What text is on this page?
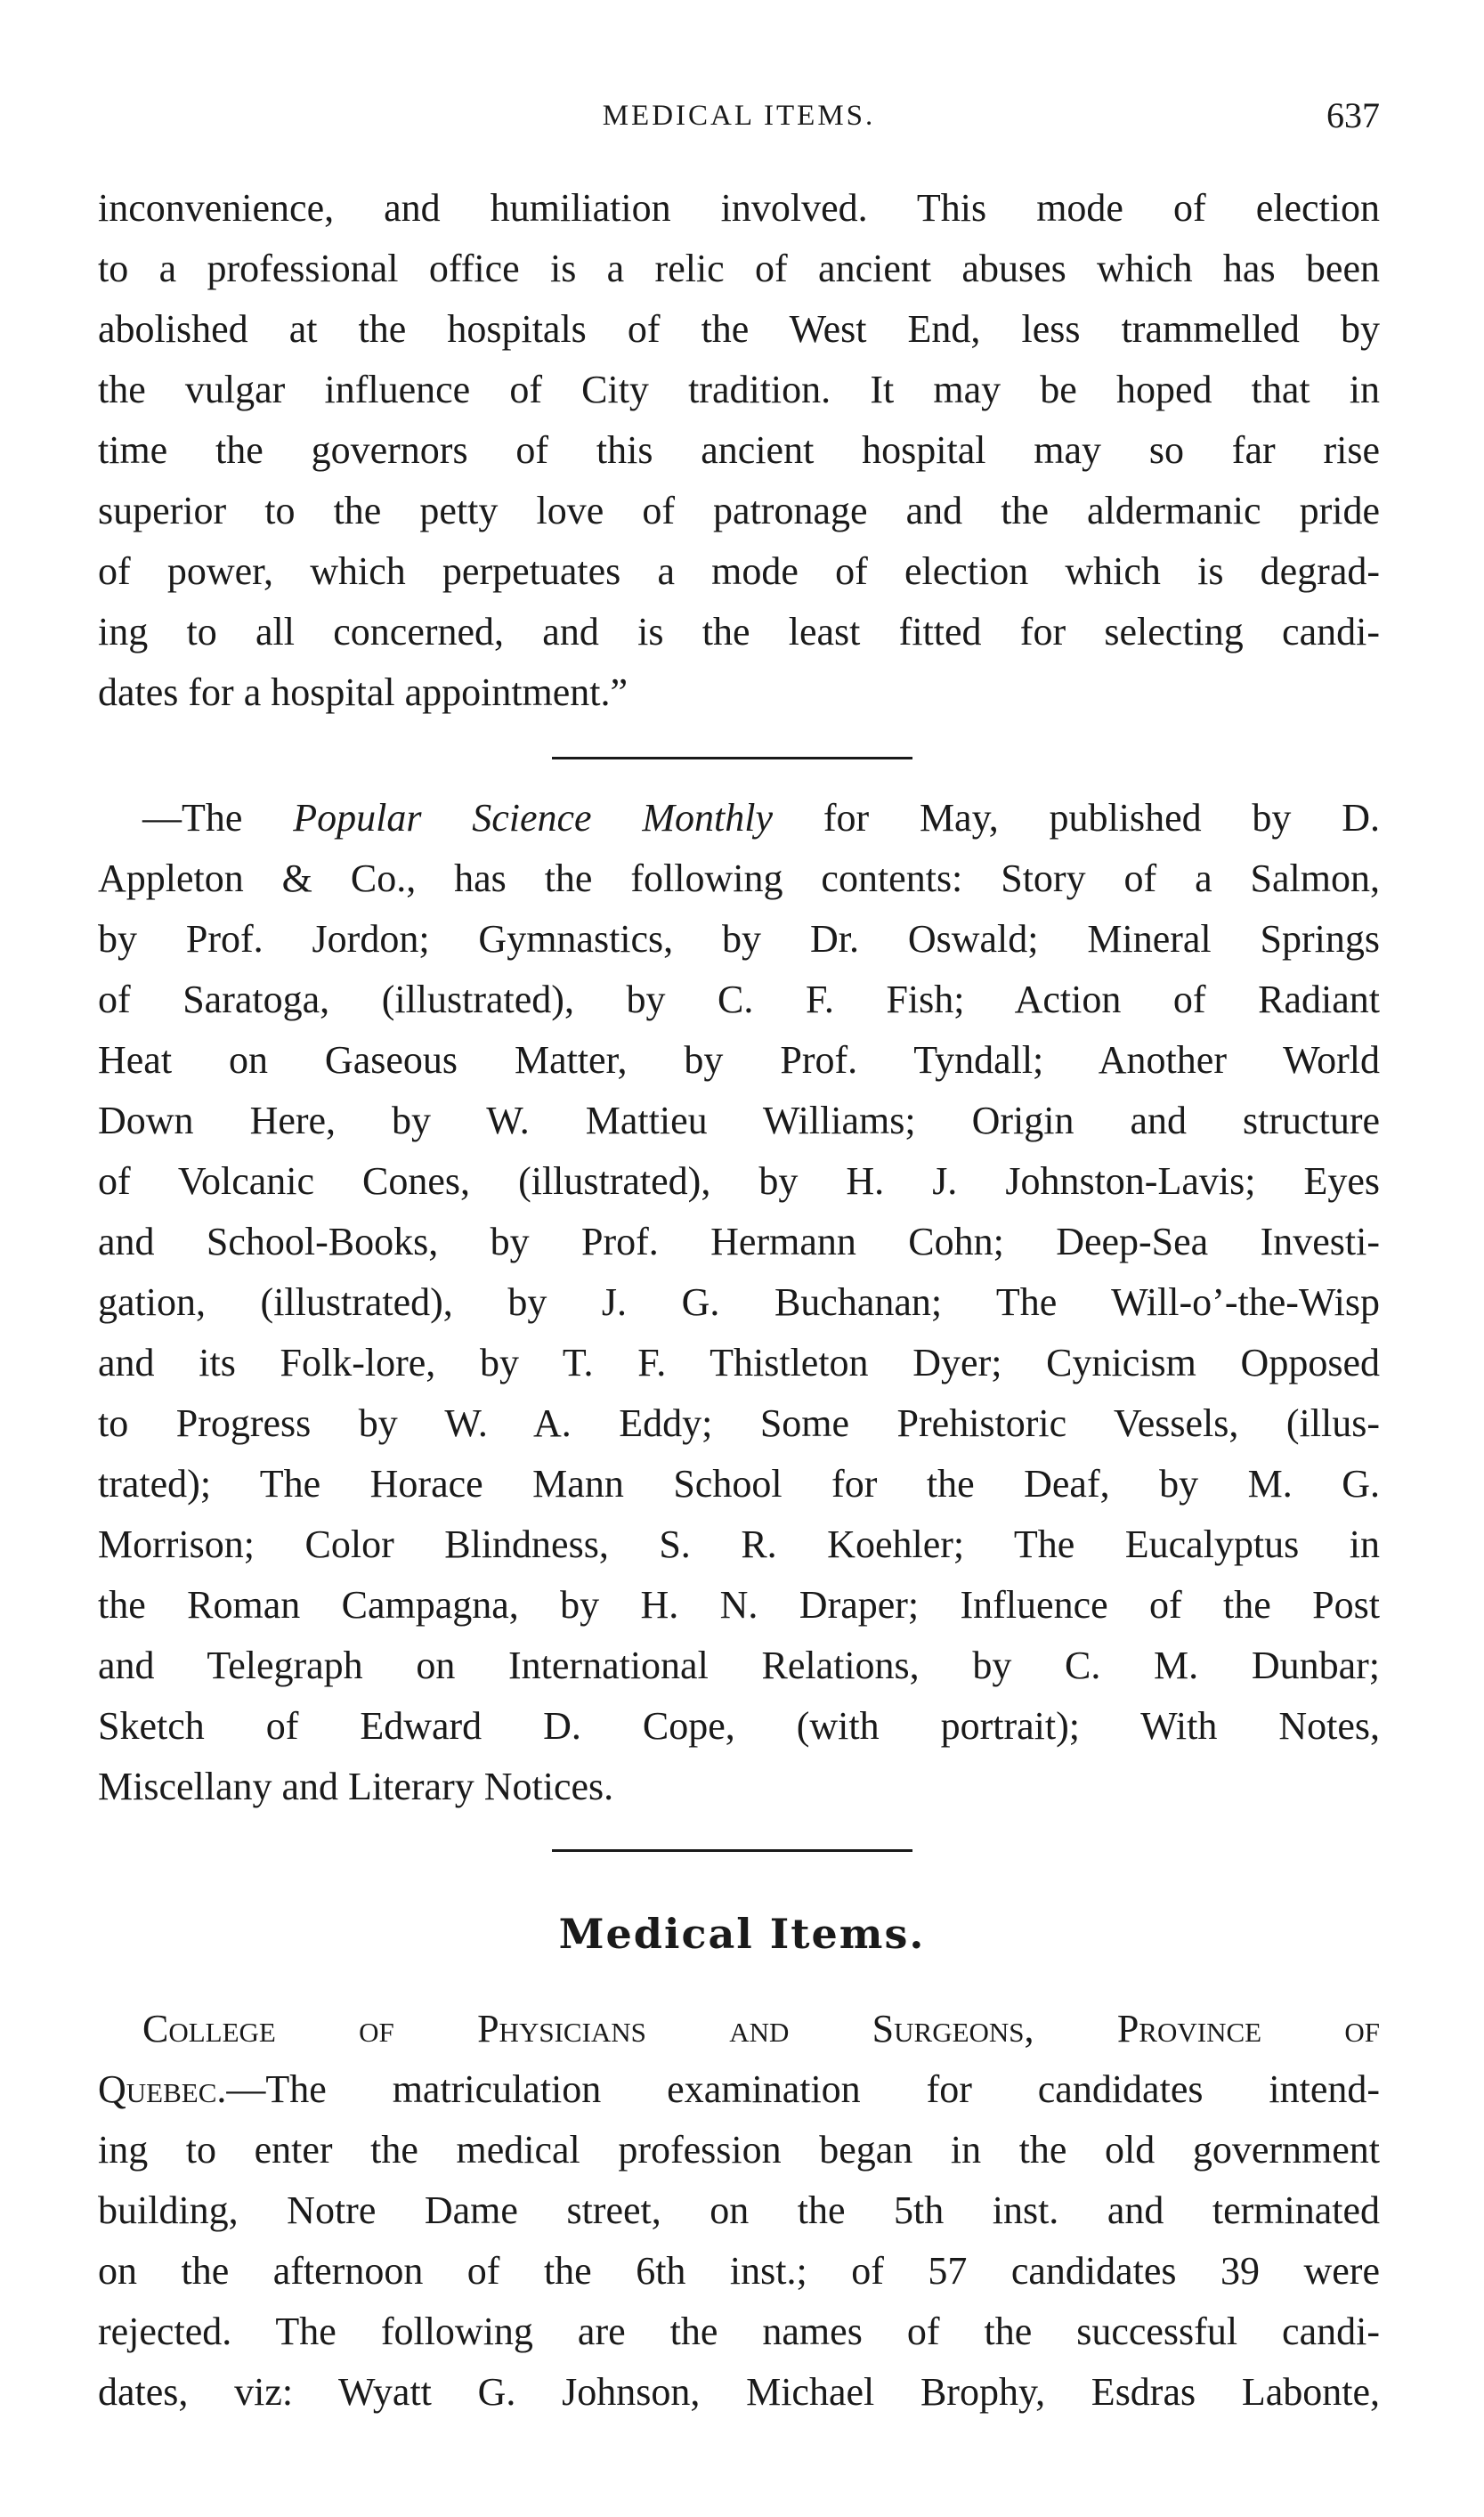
MEDICAL ITEMS.	637
inconvenience, and humiliation involved. This mode of election
to a professional office is a relic of ancient abuses which has been
abolished at the hospitals of the West End, less trammelled by
the vulgar influence of City tradition. It may be hoped that in
time the governors of this ancient hospital may so far rise
superior to the petty love of patronage and the aldermanic pride
of power, which perpetuates a mode of election which is degrad-
ing to all concerned, and is the least fitted for selecting candi-
dates for a hospital appointment.”
—The Popular Science Monthly for May, published by D.
Appleton & Co., has the following contents: Story of a Salmon,
by Prof. Jordon; Gymnastics, by Dr. Oswald; Mineral Springs
of Saratoga, (illustrated), by C. F. Fish; Action of Radiant
Heat on Gaseous Matter, by Prof. Tyndall; Another World
Down Here, by W. Mattieu Williams; Origin and structure
of Volcanic Cones, (illustrated), by H. J. Johnston-Lavis; Eyes
and School-Books, by Prof. Hermann Cohn; Deep-Sea Investi-
gation, (illustrated), by J. G. Buchanan; The Will-o’-the-Wisp
and its Folk-lore, by T. F. Thistleton Dyer; Cynicism Opposed
to Progress by W. A. Eddy; Some Prehistoric Vessels, (illus-
trated); The Horace Mann School for the Deaf, by M. G.
Morrison; Color Blindness, S. R. Koehler; The Eucalyptus in
the Roman Campagna, by H. N. Draper; Influence of the Post
and Telegraph on International Relations, by C. M. Dunbar;
Sketch of Edward D. Cope, (with portrait); With Notes,
Miscellany and Literary Notices.
Medical Items.
College of Physicians and Surgeons, Province of
Quebec.—The matriculation examination for candidates intend-
ing to enter the medical profession began in the old government
building, Notre Dame street, on the 5th inst. and terminated
on the afternoon of the 6th inst.; of 57 candidates 39 were
rejected. The following are the names of the successful candi-
dates, viz: Wyatt G. Johnson, Michael Brophy, Esdras Labonte,
